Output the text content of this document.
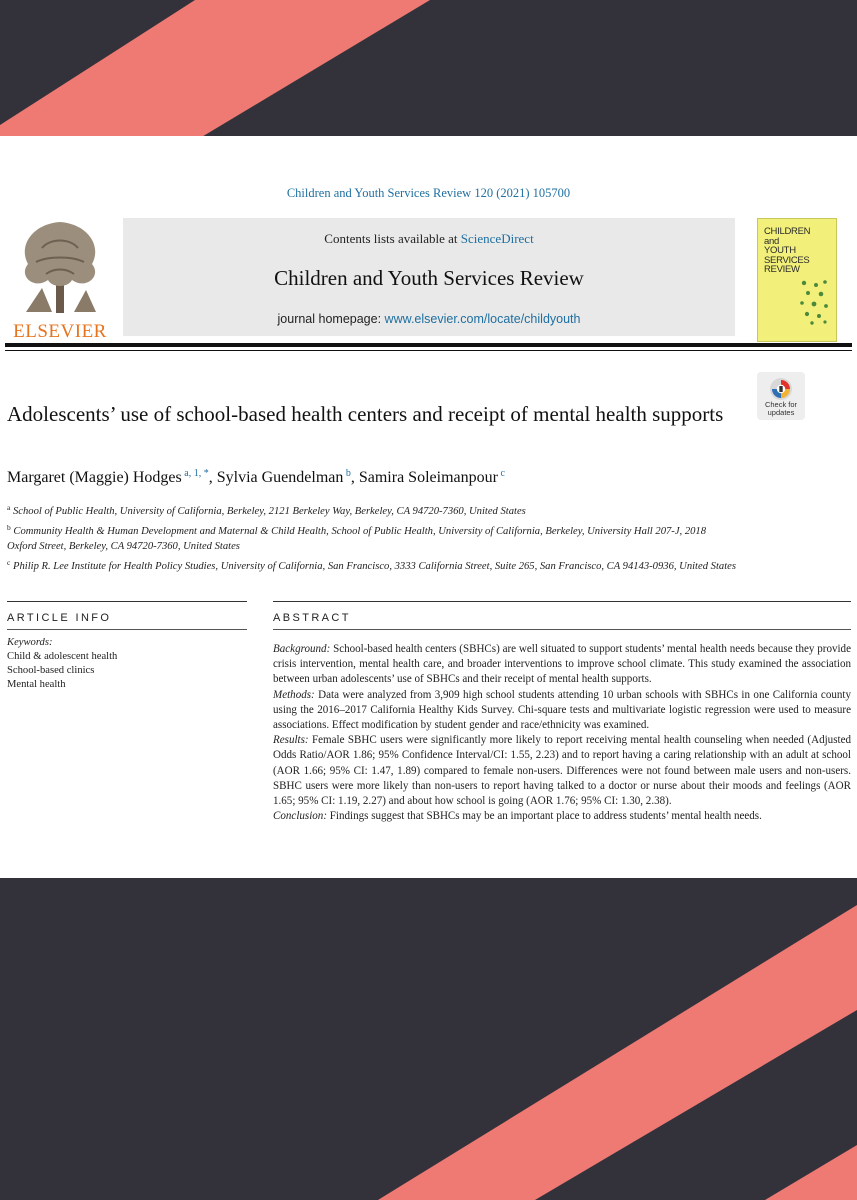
Children and Youth Services Review 120 (2021) 105700
ELSEVIER
Contents lists available at ScienceDirect
Children and Youth Services Review
journal homepage: www.elsevier.com/locate/childyouth
CHILDREN
and
YOUTH
SERVICES
REVIEW
Check for
updates
Adolescents’ use of school-based health centers and receipt of mental health supports
Margaret (Maggie) Hodges $^{a, 1, *}$, Sylvia Guendelman $^b$, Samira Soleimanpour $^c$
$^a$ School of Public Health, University of California, Berkeley, 2121 Berkeley Way, Berkeley, CA 94720-7360, United States
$^b$ Community Health & Human Development and Maternal & Child Health, School of Public Health, University of California, Berkeley, University Hall 207-J, 2018 Oxford Street, Berkeley, CA 94720-7360, United States
$^c$ Philip R. Lee Institute for Health Policy Studies, University of California, San Francisco, 3333 California Street, Suite 265, San Francisco, CA 94143-0936, United States
ARTICLE INFO	ABSTRACT
Keywords:
Child & adolescent health
School-based clinics
Mental health

Background: School-based health centers (SBHCs) are well situated to support students’ mental health needs because they provide crisis intervention, mental health care, and broader interventions to improve school climate. This study examined the association between urban adolescents’ use of SBHCs and their receipt of mental health supports.

Methods: Data were analyzed from 3,909 high school students attending 10 urban schools with SBHCs in one California county using the 2016–2017 California Healthy Kids Survey. Chi-square tests and multivariate logistic regression were used to measure associations. Effect modification by student gender and race/ethnicity was examined.

Results: Female SBHC users were significantly more likely to report receiving mental health counseling when needed (Adjusted Odds Ratio/AOR 1.86; 95% Confidence Interval/CI: 1.55, 2.23) and to report having a caring relationship with an adult at school (AOR 1.66; 95% CI: 1.47, 1.89) compared to female non-users. Differences were not found between male users and non-users. SBHC users were more likely than non-users to report having talked to a doctor or nurse about their moods and feelings (AOR 1.65; 95% CI: 1.19, 2.27) and about how school is going (AOR 1.76; 95% CI: 1.30, 2.38).

Conclusion: Findings suggest that SBHCs may be an important place to address students’ mental health needs.
